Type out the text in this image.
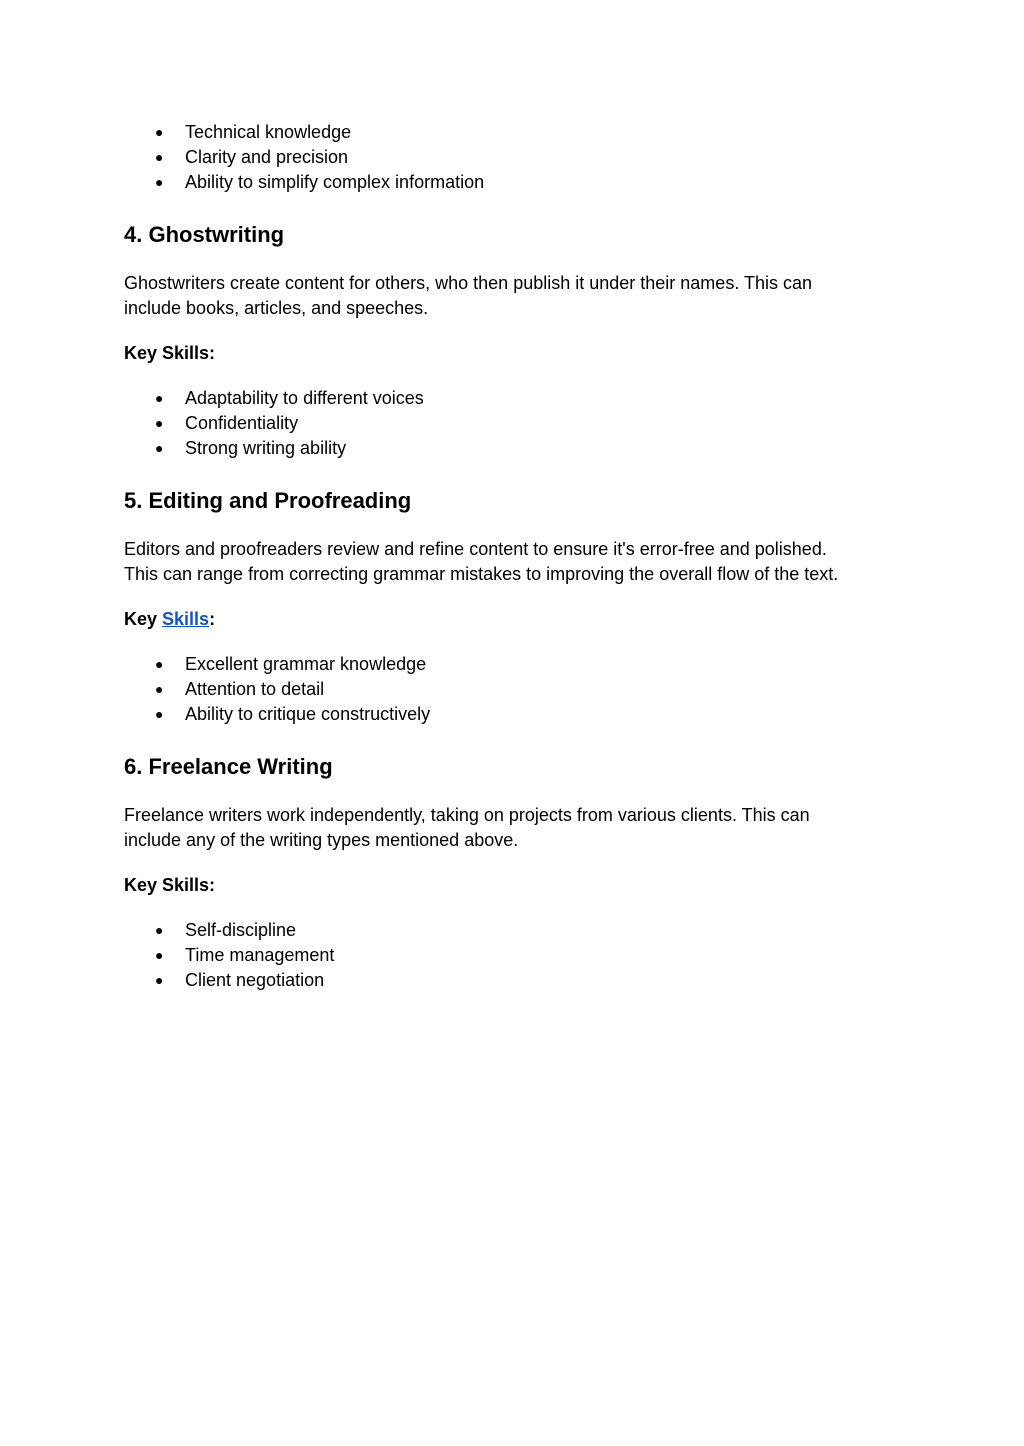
● Technical knowledge
● Clarity and precision
● Ability to simplify complex information
4. Ghostwriting

Ghostwriters create content for others, who then publish it under their names. This can
include books, articles, and speeches.

Key Skills:

● Adaptability to different voices
● Confidentiality
● Strong writing ability
5. Editing and Proofreading

Editors and proofreaders review and refine content to ensure it's error-free and polished.
This can range from correcting grammar mistakes to improving the overall flow of the text.

Key Skills:

● Excellent grammar knowledge
● Attention to detail
● Ability to critique constructively
6. Freelance Writing

Freelance writers work independently, taking on projects from various clients. This can
include any of the writing types mentioned above.

Key Skills:

● Self-discipline
● Time management
● Client negotiation
